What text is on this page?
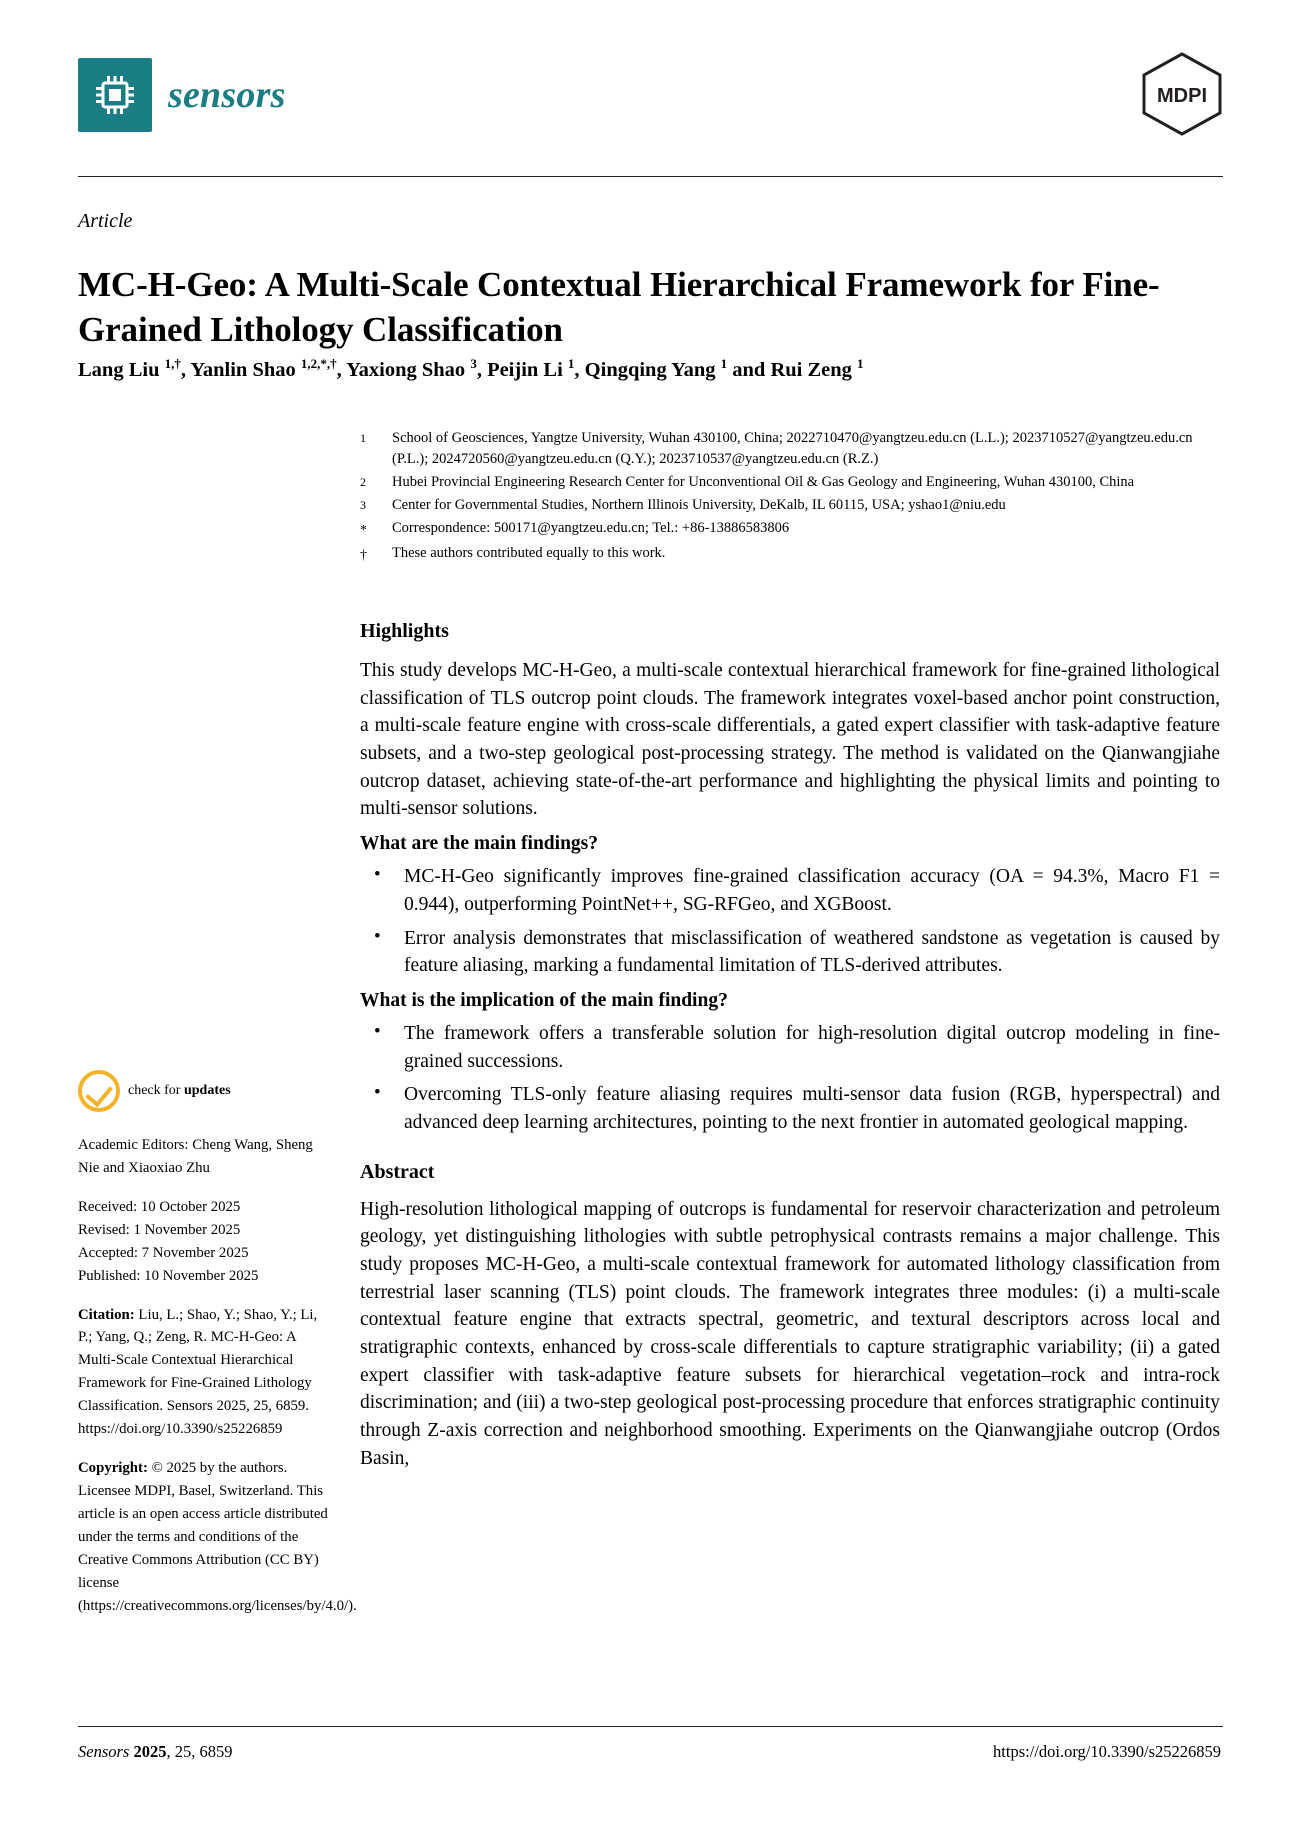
sensors	MDPI
Article
MC-H-Geo: A Multi-Scale Contextual Hierarchical Framework for Fine-Grained Lithology Classification
Lang Liu $^{1,\dagger}$, Yanlin Shao $^{1,2,*,\dagger}$, Yaxiong Shao $^3$, Peijin Li $^1$, Qingqing Yang $^1$ and Rui Zeng $^1$
1	School of Geosciences, Yangtze University, Wuhan 430100, China; 2022710470@yangtzeu.edu.cn (L.L.); 2023710527@yangtzeu.edu.cn (P.L.); 2024720560@yangtzeu.edu.cn (Q.Y.); 2023710537@yangtzeu.edu.cn (R.Z.)
2	Hubei Provincial Engineering Research Center for Unconventional Oil & Gas Geology and Engineering, Wuhan 430100, China
3	Center for Governmental Studies, Northern Illinois University, DeKalb, IL 60115, USA; yshao1@niu.edu
*	Correspondence: 500171@yangtzeu.edu.cn; Tel.: +86-13886583806
†	These authors contributed equally to this work.
Highlights

This study develops MC-H-Geo, a multi-scale contextual hierarchical framework for fine-grained lithological classification of TLS outcrop point clouds. The framework integrates voxel-based anchor point construction, a multi-scale feature engine with cross-scale differentials, a gated expert classifier with task-adaptive feature subsets, and a two-step geological post-processing strategy. The method is validated on the Qianwangjiahe outcrop dataset, achieving state-of-the-art performance and highlighting the physical limits and pointing to multi-sensor solutions.

What are the main findings?
• MC-H-Geo significantly improves fine-grained classification accuracy (OA = 94.3%, Macro F1 = 0.944), outperforming PointNet++, SG-RFGeo, and XGBoost.
• Error analysis demonstrates that misclassification of weathered sandstone as vegetation is caused by feature aliasing, marking a fundamental limitation of TLS-derived attributes.
What is the implication of the main finding?
• The framework offers a transferable solution for high-resolution digital outcrop modeling in fine-grained successions.
• Overcoming TLS-only feature aliasing requires multi-sensor data fusion (RGB, hyperspectral) and advanced deep learning architectures, pointing to the next frontier in automated geological mapping.
Abstract

High-resolution lithological mapping of outcrops is fundamental for reservoir characterization and petroleum geology, yet distinguishing lithologies with subtle petrophysical contrasts remains a major challenge. This study proposes MC-H-Geo, a multi-scale contextual framework for automated lithology classification from terrestrial laser scanning (TLS) point clouds. The framework integrates three modules: (i) a multi-scale contextual feature engine that extracts spectral, geometric, and textural descriptors across local and stratigraphic contexts, enhanced by cross-scale differentials to capture stratigraphic variability; (ii) a gated expert classifier with task-adaptive feature subsets for hierarchical vegetation–rock and intra-rock discrimination; and (iii) a two-step geological post-processing procedure that enforces stratigraphic continuity through Z-axis correction and neighborhood smoothing. Experiments on the Qianwangjiahe outcrop (Ordos Basin,

check for updates
Academic Editors: Cheng Wang, Sheng Nie and Xiaoxiao Zhu
Received: 10 October 2025
Revised: 1 November 2025
Accepted: 7 November 2025
Published: 10 November 2025
Citation: Liu, L.; Shao, Y.; Shao, Y.; Li, P.; Yang, Q.; Zeng, R. MC-H-Geo: A Multi-Scale Contextual Hierarchical Framework for Fine-Grained Lithology Classification. Sensors 2025, 25, 6859. https://doi.org/10.3390/s25226859
Copyright: © 2025 by the authors. Licensee MDPI, Basel, Switzerland. This article is an open access article distributed under the terms and conditions of the Creative Commons Attribution (CC BY) license (https://creativecommons.org/licenses/by/4.0/).
Sensors 2025, 25, 6859	https://doi.org/10.3390/s25226859
